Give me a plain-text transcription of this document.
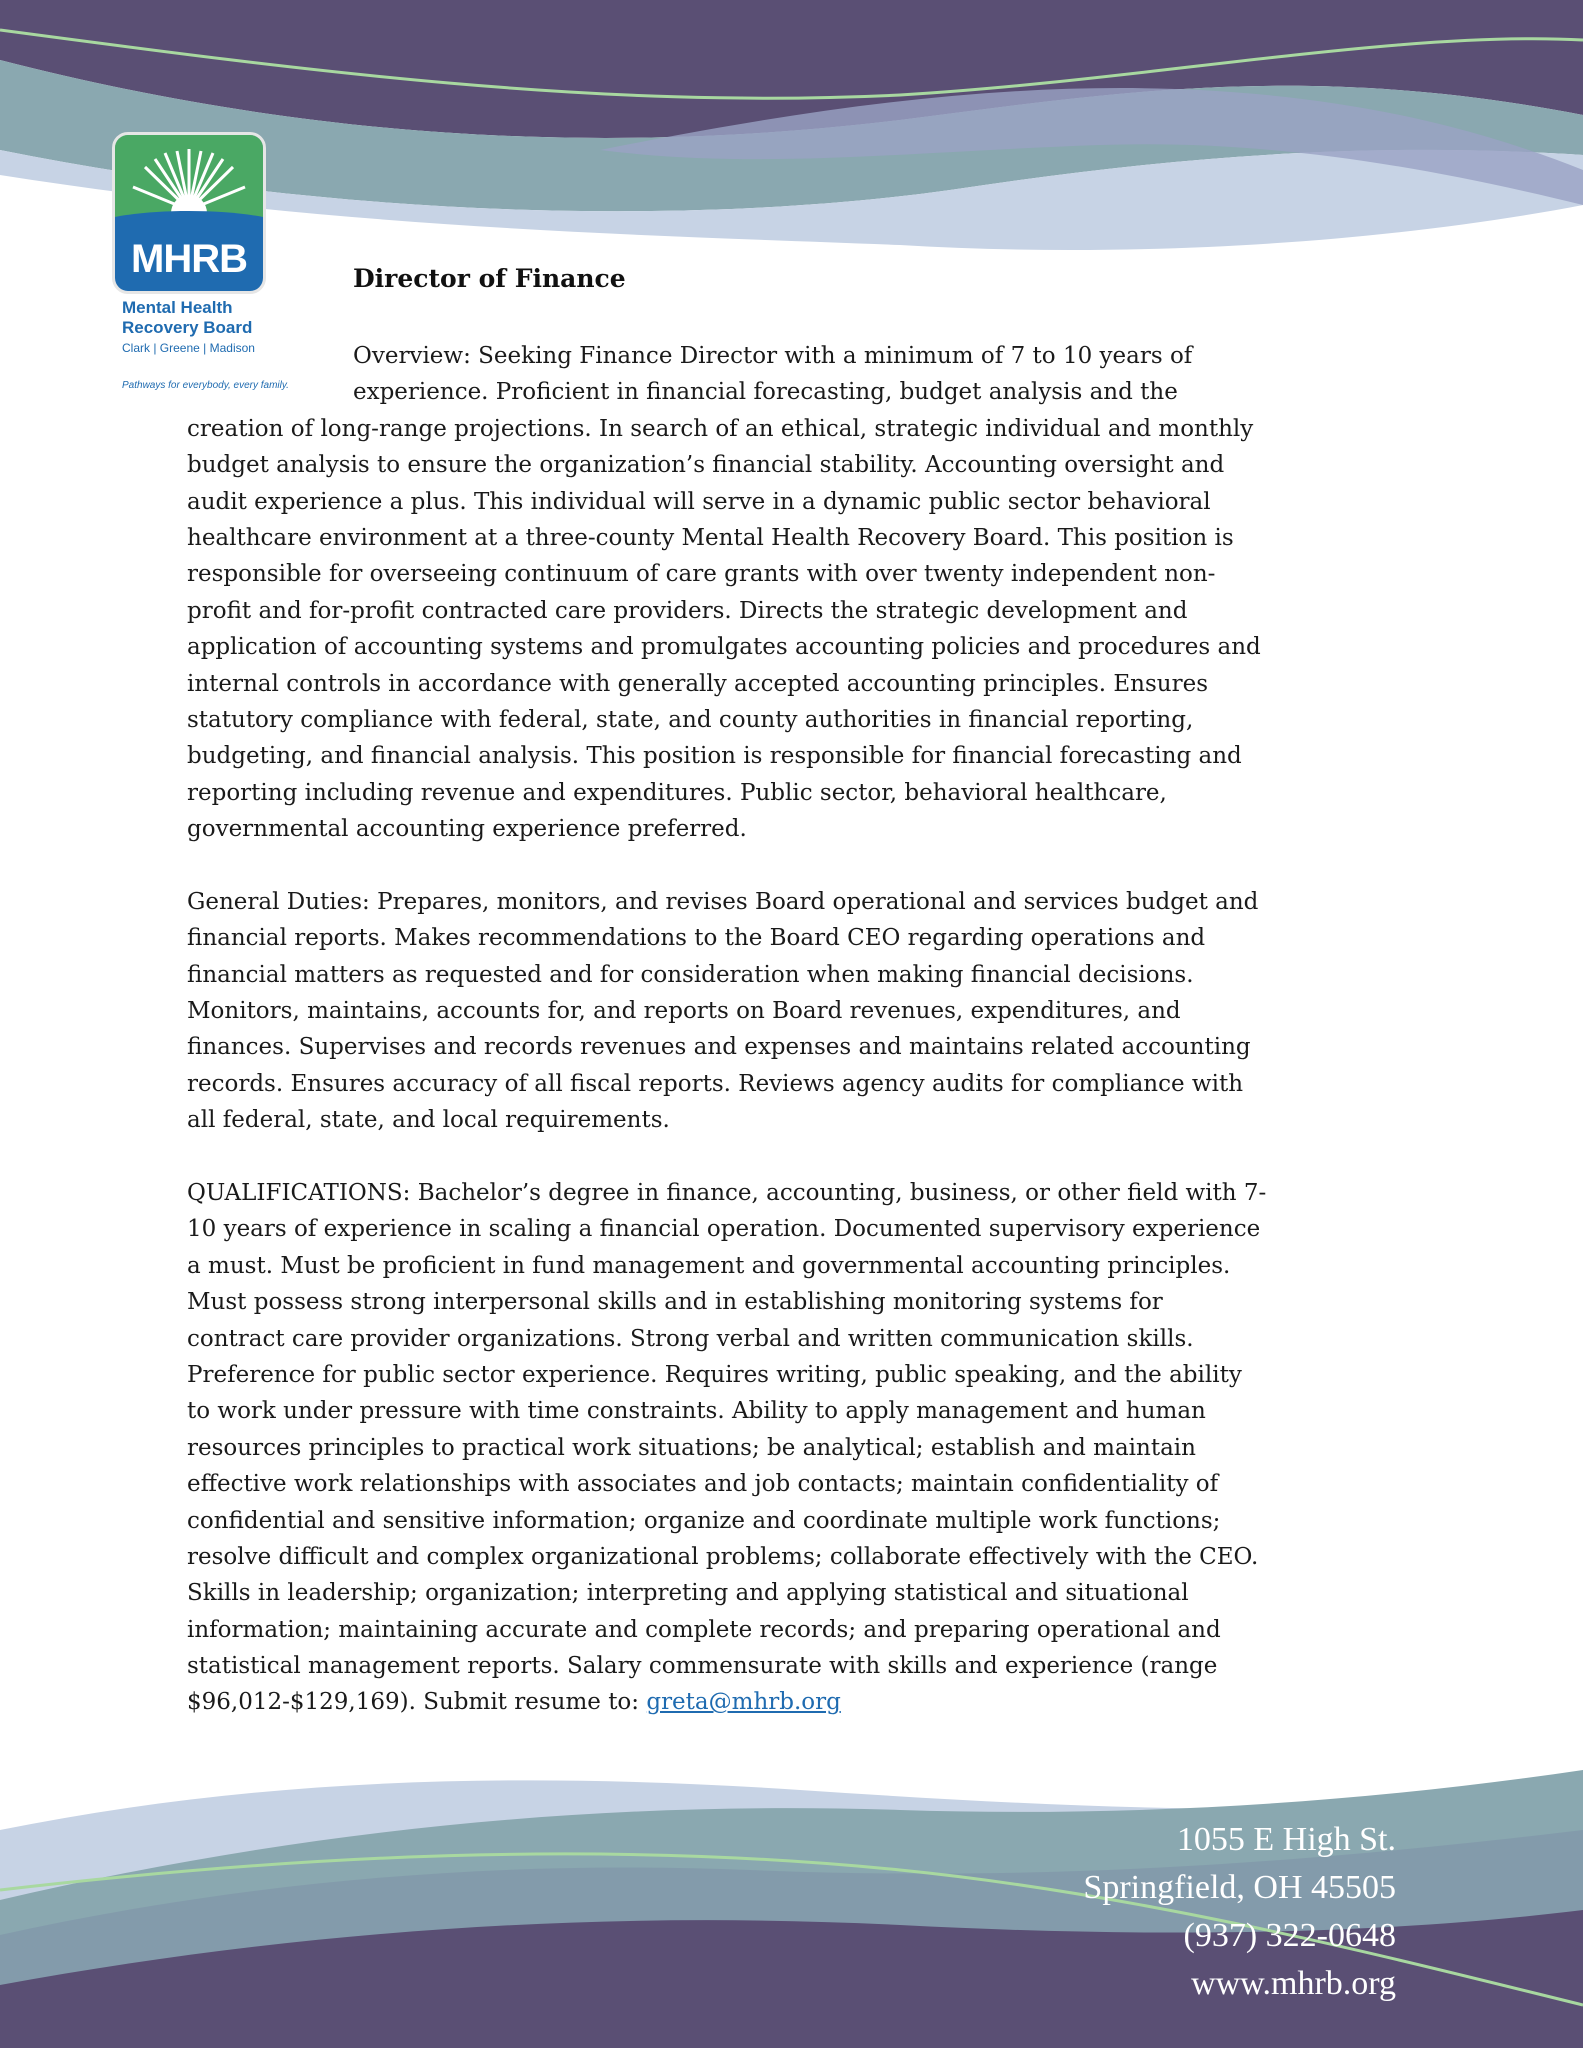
MHRB
Mental Health
Recovery Board
Clark | Greene | Madison
Pathways for everybody, every family.
Director of Finance
Overview: Seeking Finance Director with a minimum of 7 to 10 years of
experience. Proficient in financial forecasting, budget analysis and the
creation of long-range projections. In search of an ethical, strategic individual and monthly
budget analysis to ensure the organization’s financial stability. Accounting oversight and
audit experience a plus. This individual will serve in a dynamic public sector behavioral
healthcare environment at a three-county Mental Health Recovery Board. This position is
responsible for overseeing continuum of care grants with over twenty independent non-
profit and for-profit contracted care providers. Directs the strategic development and
application of accounting systems and promulgates accounting policies and procedures and
internal controls in accordance with generally accepted accounting principles. Ensures
statutory compliance with federal, state, and county authorities in financial reporting,
budgeting, and financial analysis. This position is responsible for financial forecasting and
reporting including revenue and expenditures. Public sector, behavioral healthcare,
governmental accounting experience preferred.
General Duties: Prepares, monitors, and revises Board operational and services budget and
financial reports. Makes recommendations to the Board CEO regarding operations and
financial matters as requested and for consideration when making financial decisions.
Monitors, maintains, accounts for, and reports on Board revenues, expenditures, and
finances. Supervises and records revenues and expenses and maintains related accounting
records. Ensures accuracy of all fiscal reports. Reviews agency audits for compliance with
all federal, state, and local requirements.
QUALIFICATIONS: Bachelor’s degree in finance, accounting, business, or other field with 7-
10 years of experience in scaling a financial operation. Documented supervisory experience
a must. Must be proficient in fund management and governmental accounting principles.
Must possess strong interpersonal skills and in establishing monitoring systems for
contract care provider organizations. Strong verbal and written communication skills.
Preference for public sector experience. Requires writing, public speaking, and the ability
to work under pressure with time constraints. Ability to apply management and human
resources principles to practical work situations; be analytical; establish and maintain
effective work relationships with associates and job contacts; maintain confidentiality of
confidential and sensitive information; organize and coordinate multiple work functions;
resolve difficult and complex organizational problems; collaborate effectively with the CEO.
Skills in leadership; organization; interpreting and applying statistical and situational
information; maintaining accurate and complete records; and preparing operational and
statistical management reports. Salary commensurate with skills and experience (range
$96,012-$129,169). Submit resume to: greta@mhrb.org
1055 E High St.
Springfield, OH 45505
(937) 322-0648
www.mhrb.org
